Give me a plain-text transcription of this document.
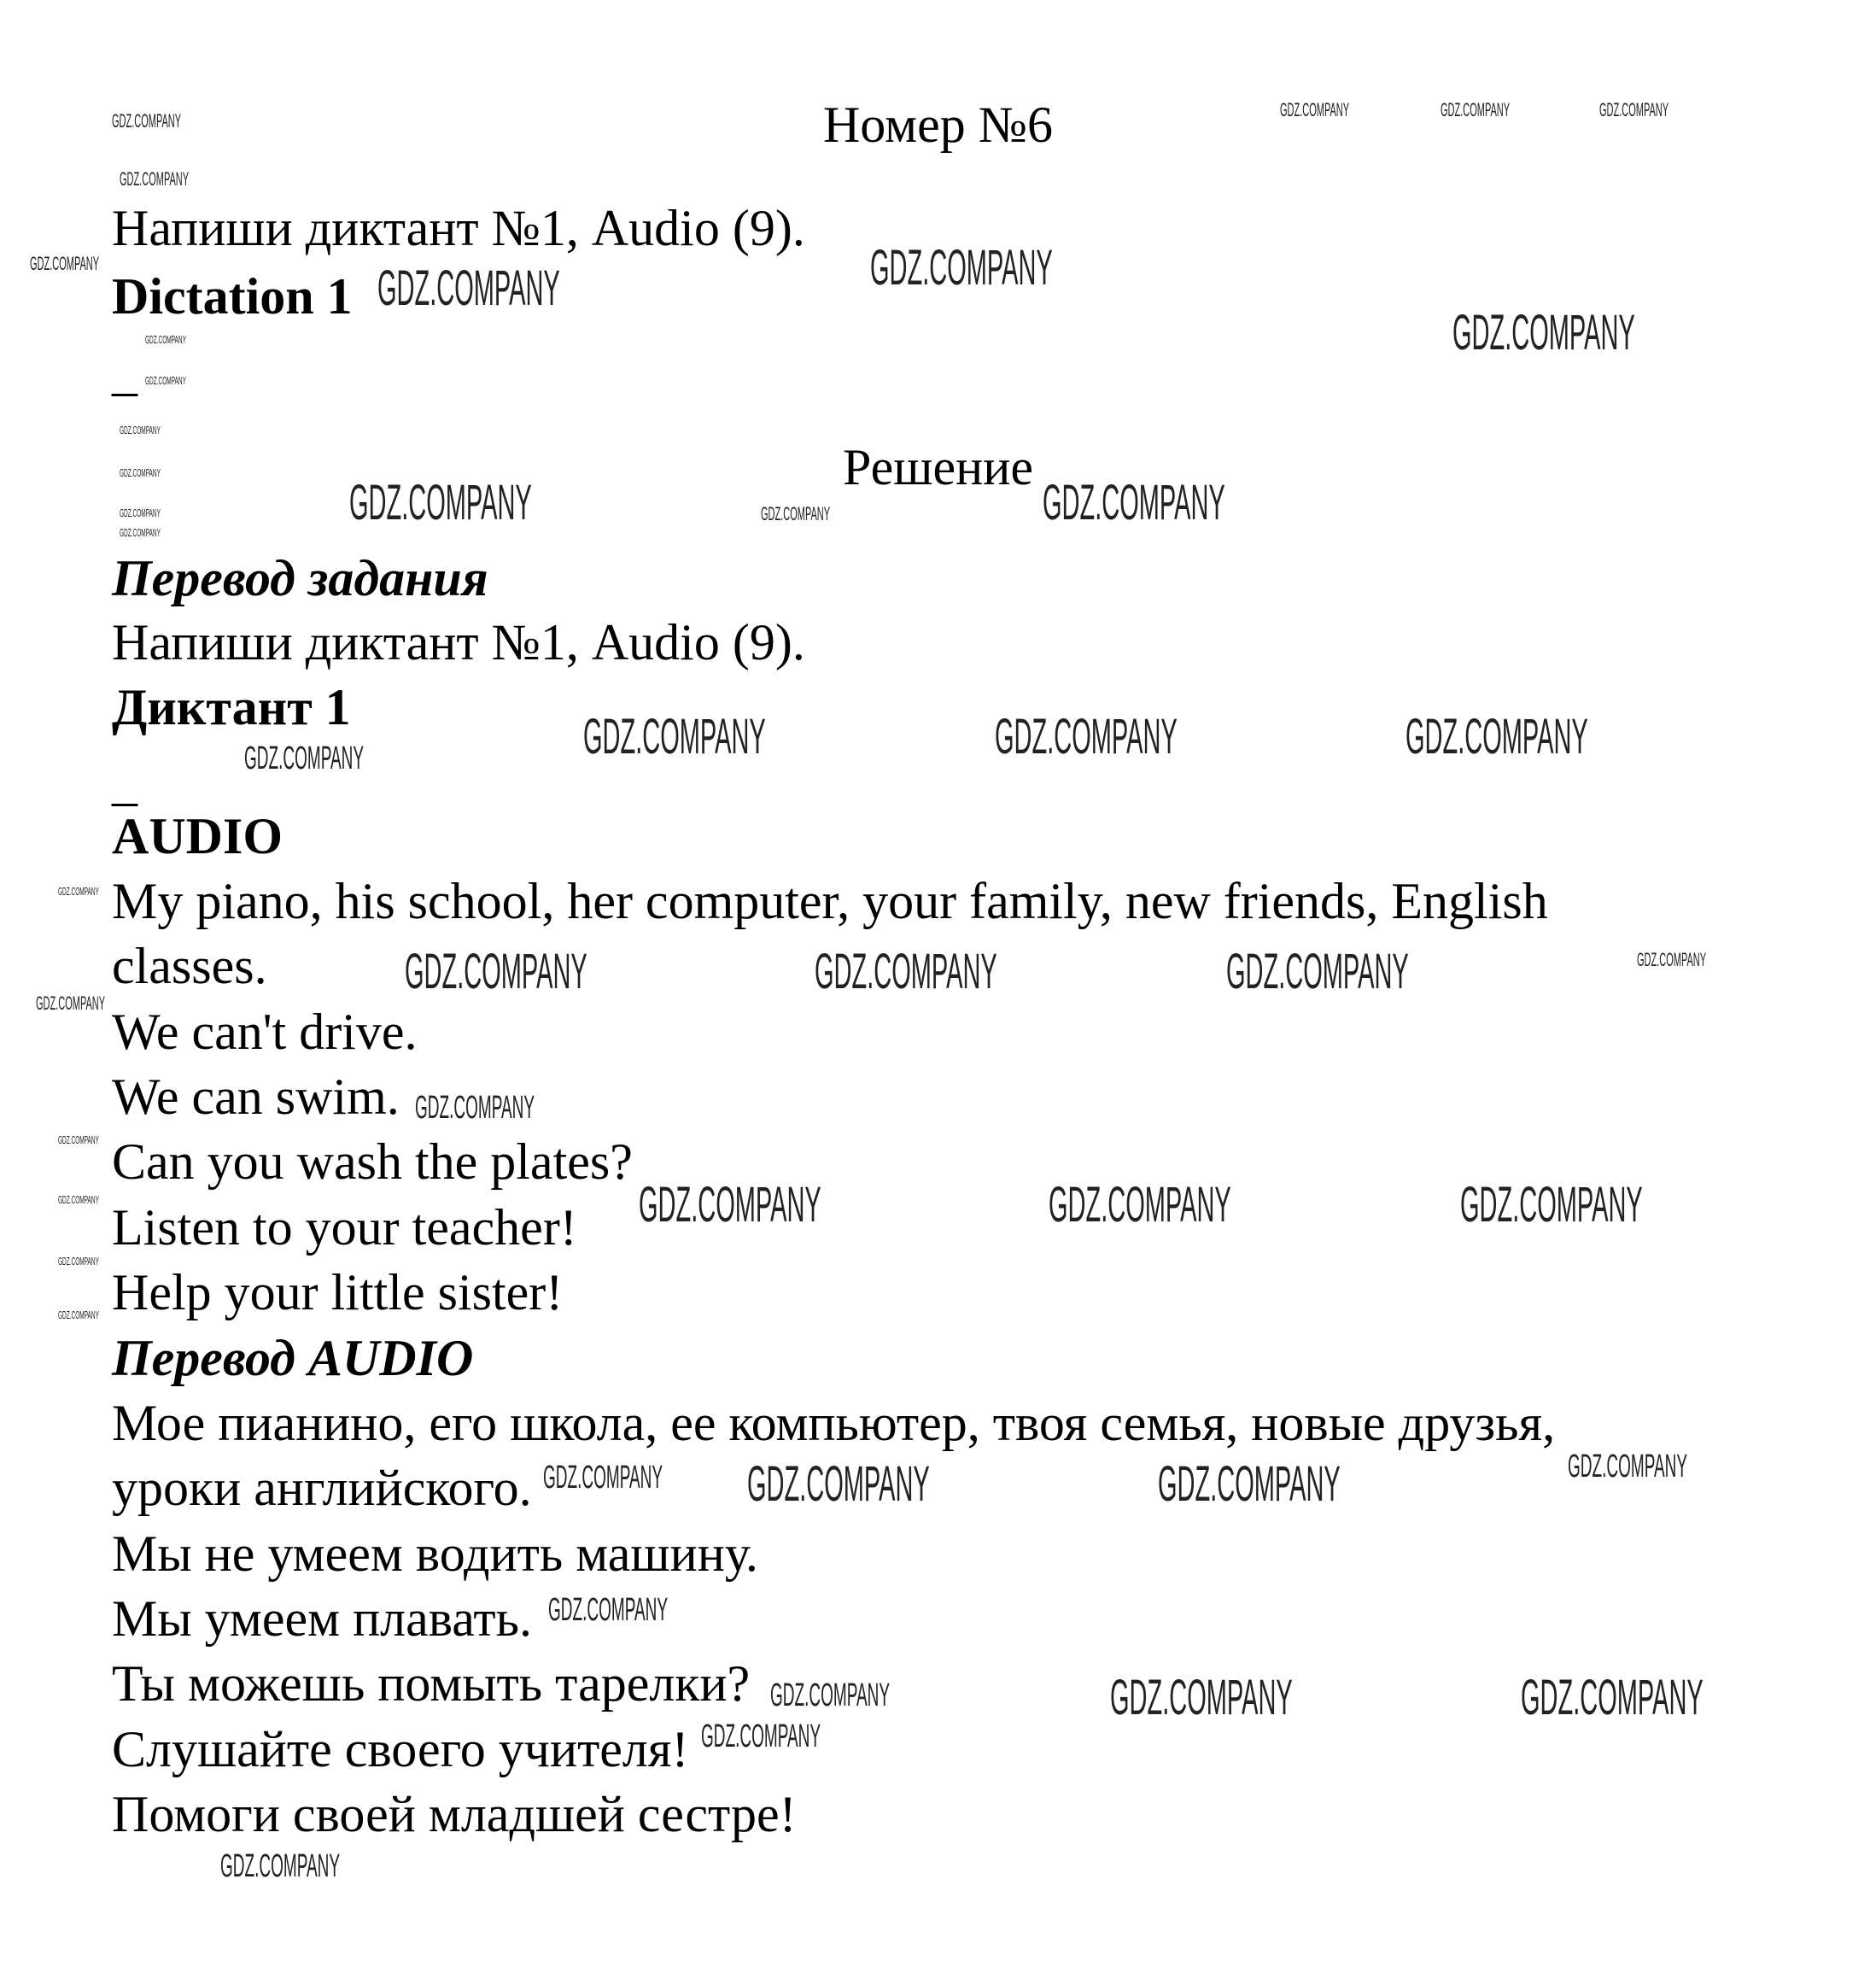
Номер №6
Напиши диктант №1, Audio (9).
Dictation 1
_
Решение
Перевод задания
Напиши диктант №1, Audio (9).
Диктант 1
_
AUDIO
My piano, his school, her computer, your family, new friends, English
classes.
We can't drive.
We can swim.
Can you wash the plates?
Listen to your teacher!
Help your little sister!
Перевод AUDIO
Мое пианино, его школа, ее компьютер, твоя семья, новые друзья,
уроки английского.
Мы не умеем водить машину.
Мы умеем плавать.
Ты можешь помыть тарелки?
Слушайте своего учителя!
Помоги своей младшей сестре!
GDZ.COMPANY
GDZ.COMPANY	GDZ.COMPANY	GDZ.COMPANY
GDZ.COMPANY
GDZ.COMPANY
GDZ.COMPANY
GDZ.COMPANY
GDZ.COMPANY
GDZ.COMPANY
GDZ.COMPANY
GDZ.COMPANY
GDZ.COMPANY
GDZ.COMPANY
GDZ.COMPANY
GDZ.COMPANY
GDZ.COMPANY
GDZ.COMPANY
GDZ.COMPANY
GDZ.COMPANY
GDZ.COMPANY	GDZ.COMPANY
GDZ.COMPANY
GDZ.COMPANY	GDZ.COMPANY
GDZ.COMPANY	GDZ.COMPANY	GDZ.COMPANY
GDZ.COMPANY	GDZ.COMPANY	GDZ.COMPANY
GDZ.COMPANY	GDZ.COMPANY	GDZ.COMPANY
GDZ.COMPANY	GDZ.COMPANY
GDZ.COMPANY	GDZ.COMPANY
GDZ.COMPANY
GDZ.COMPANY
GDZ.COMPANY	GDZ.COMPANY
GDZ.COMPANY
GDZ.COMPANY
GDZ.COMPANY
GDZ.COMPANY
